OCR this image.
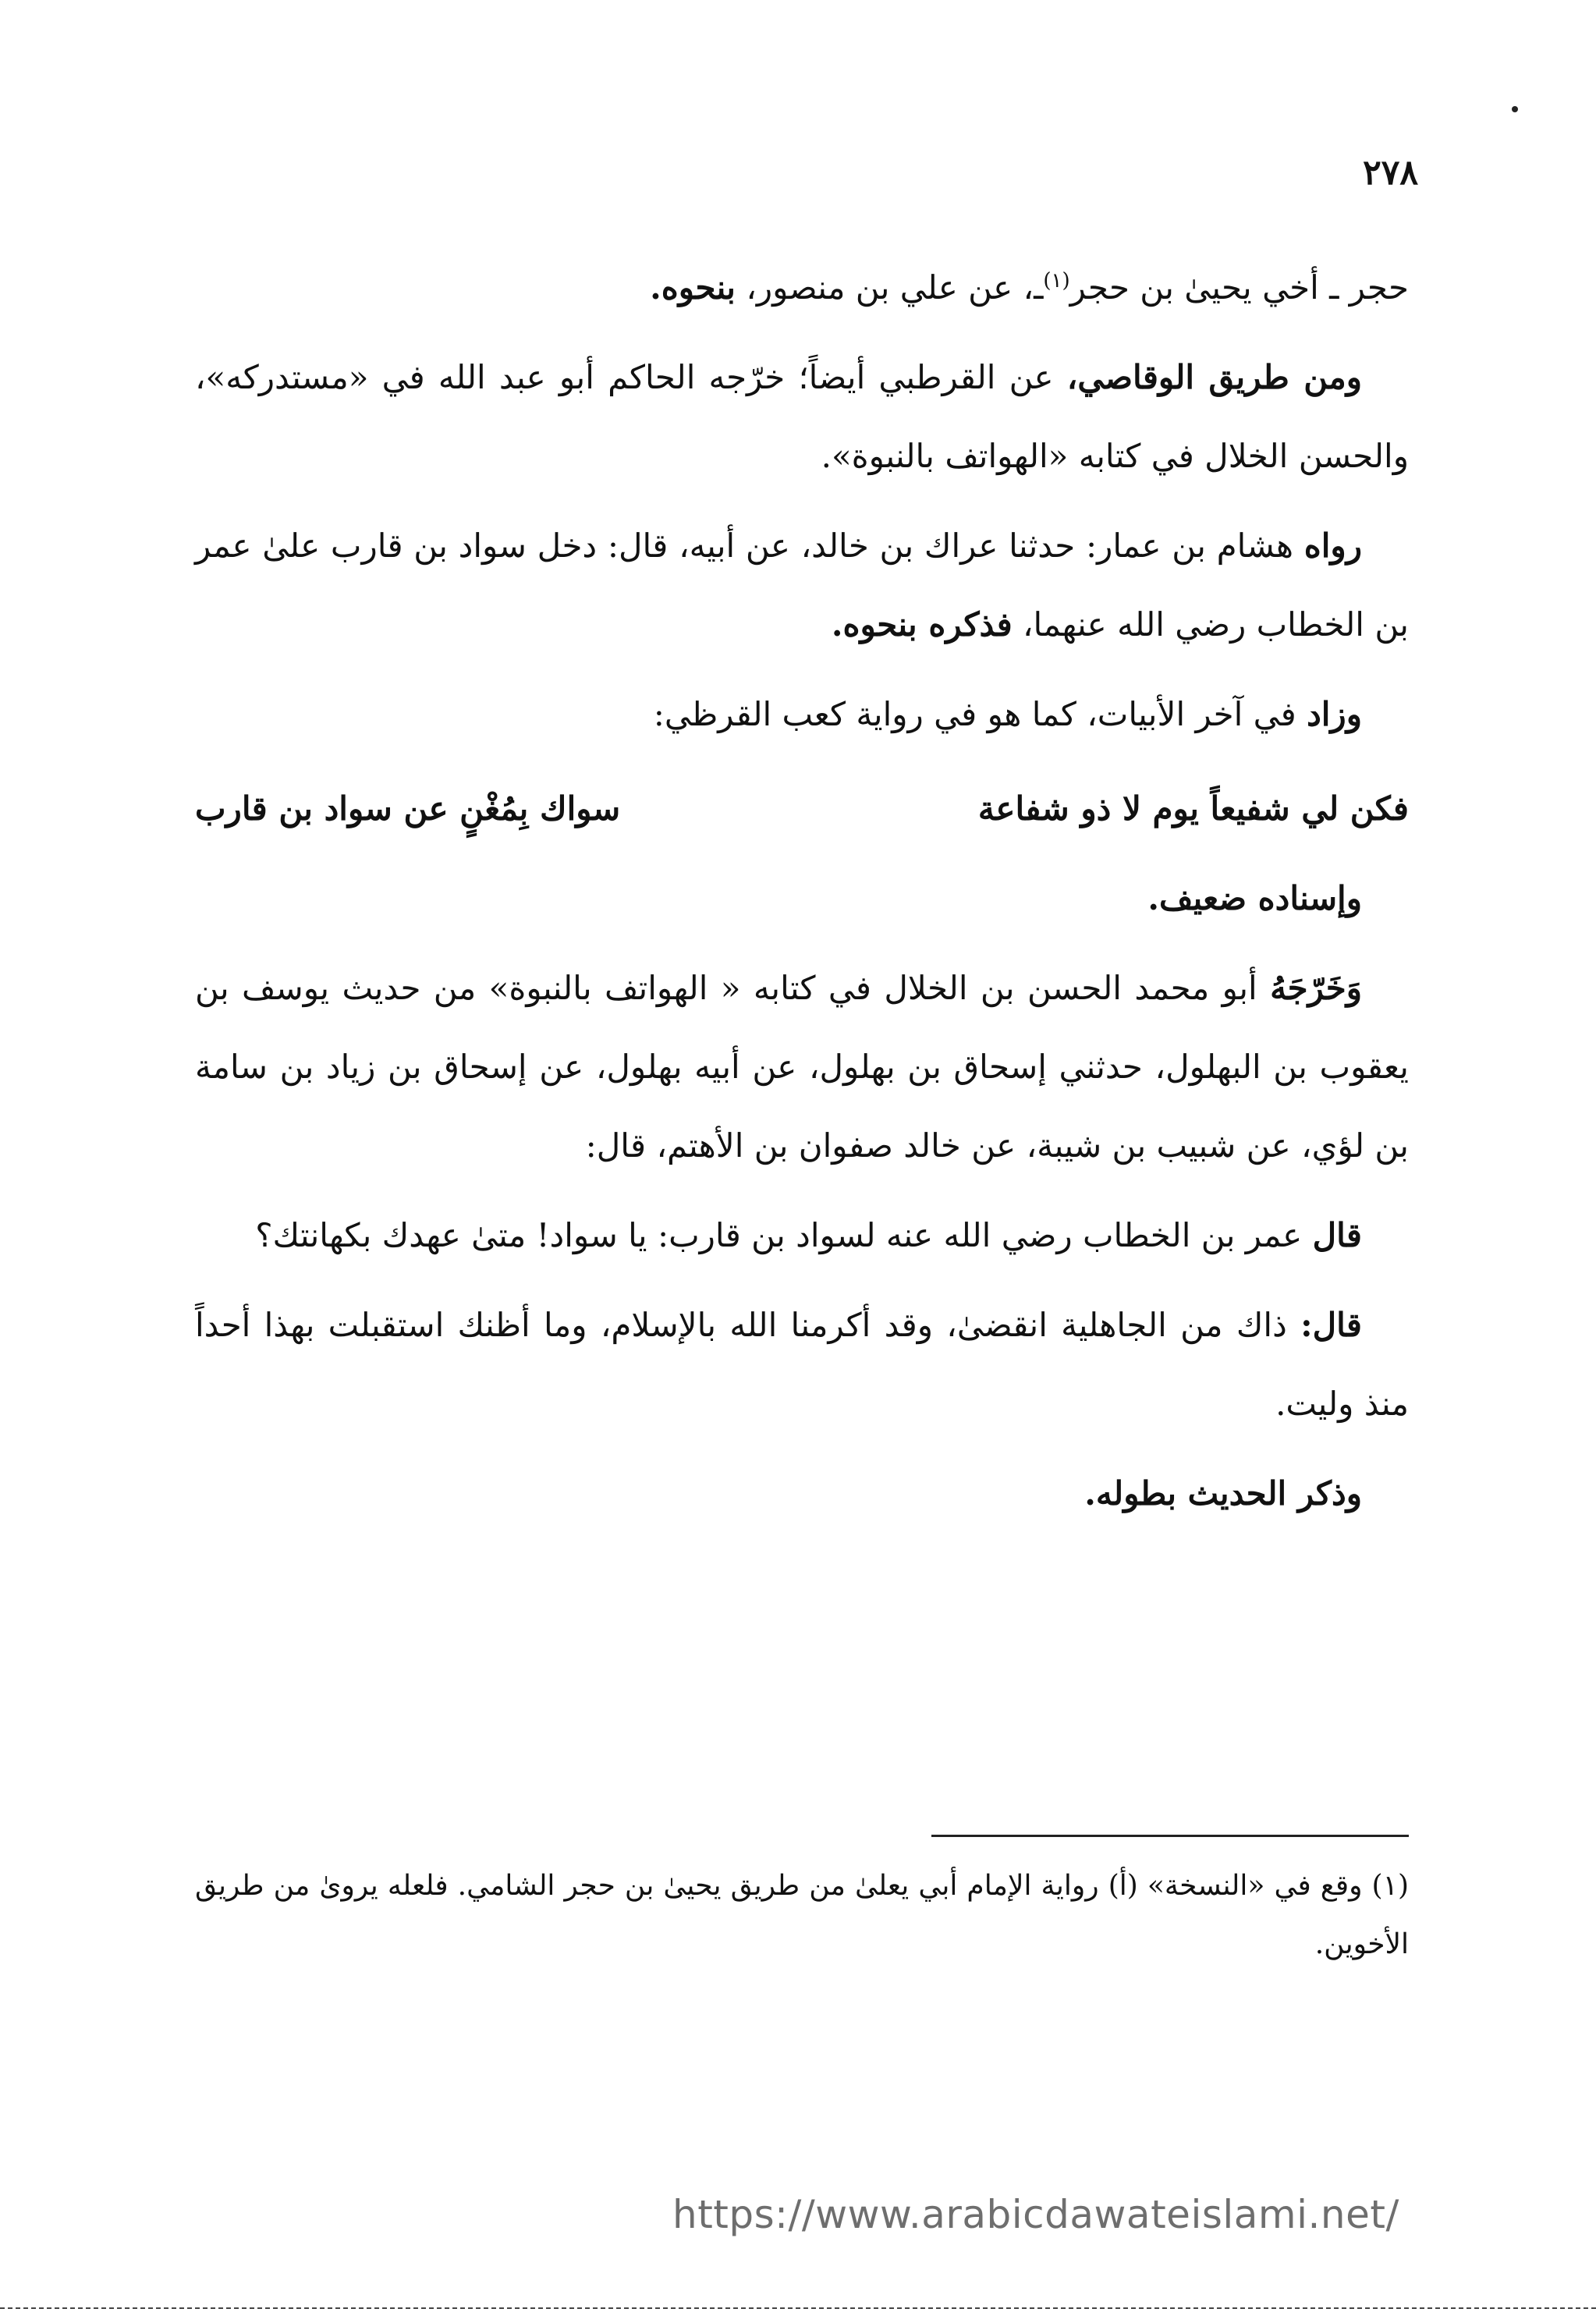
٢٧٨

حجر ـ أخي يحيىٰ بن حجر$^{(١)}$ـ، عن علي بن منصور، بنحوه.

ومن طريق الوقاصي، عن القرطبي أيضاً؛ خرّجه الحاكم أبو عبد الله في «مستدركه»، والحسن الخلال في كتابه «الهواتف بالنبوة».

رواه هشام بن عمار: حدثنا عراك بن خالد، عن أبيه، قال: دخل سواد بن قارب علىٰ عمر بن الخطاب رضي الله عنهما، فذكره بنحوه.

وزاد في آخر الأبيات، كما هو في رواية كعب القرظي:

فكن لي شفيعاً يوم لا ذو شفاعة
سواك بِمُغْنٍ عن سواد بن قارب

وإسناده ضعيف.

وَخَرّجَهُ أبو محمد الحسن بن الخلال في كتابه « الهواتف بالنبوة» من حديث يوسف بن يعقوب بن البهلول، حدثني إسحاق بن بهلول، عن أبيه بهلول، عن إسحاق بن زياد بن سامة بن لؤي، عن شبيب بن شيبة، عن خالد صفوان بن الأهتم، قال:

قال عمر بن الخطاب رضي الله عنه لسواد بن قارب: يا سواد! متىٰ عهدك بكهانتك؟

قال: ذاك من الجاهلية انقضىٰ، وقد أكرمنا الله بالإسلام، وما أظنك استقبلت بهذا أحداً منذ وليت.

وذكر الحديث بطوله.

(١) وقع في «النسخة» (أ) رواية الإمام أبي يعلىٰ من طريق يحيىٰ بن حجر الشامي. فلعله يروىٰ من طريق الأخوين.

https://www.arabicdawateislami.net/
